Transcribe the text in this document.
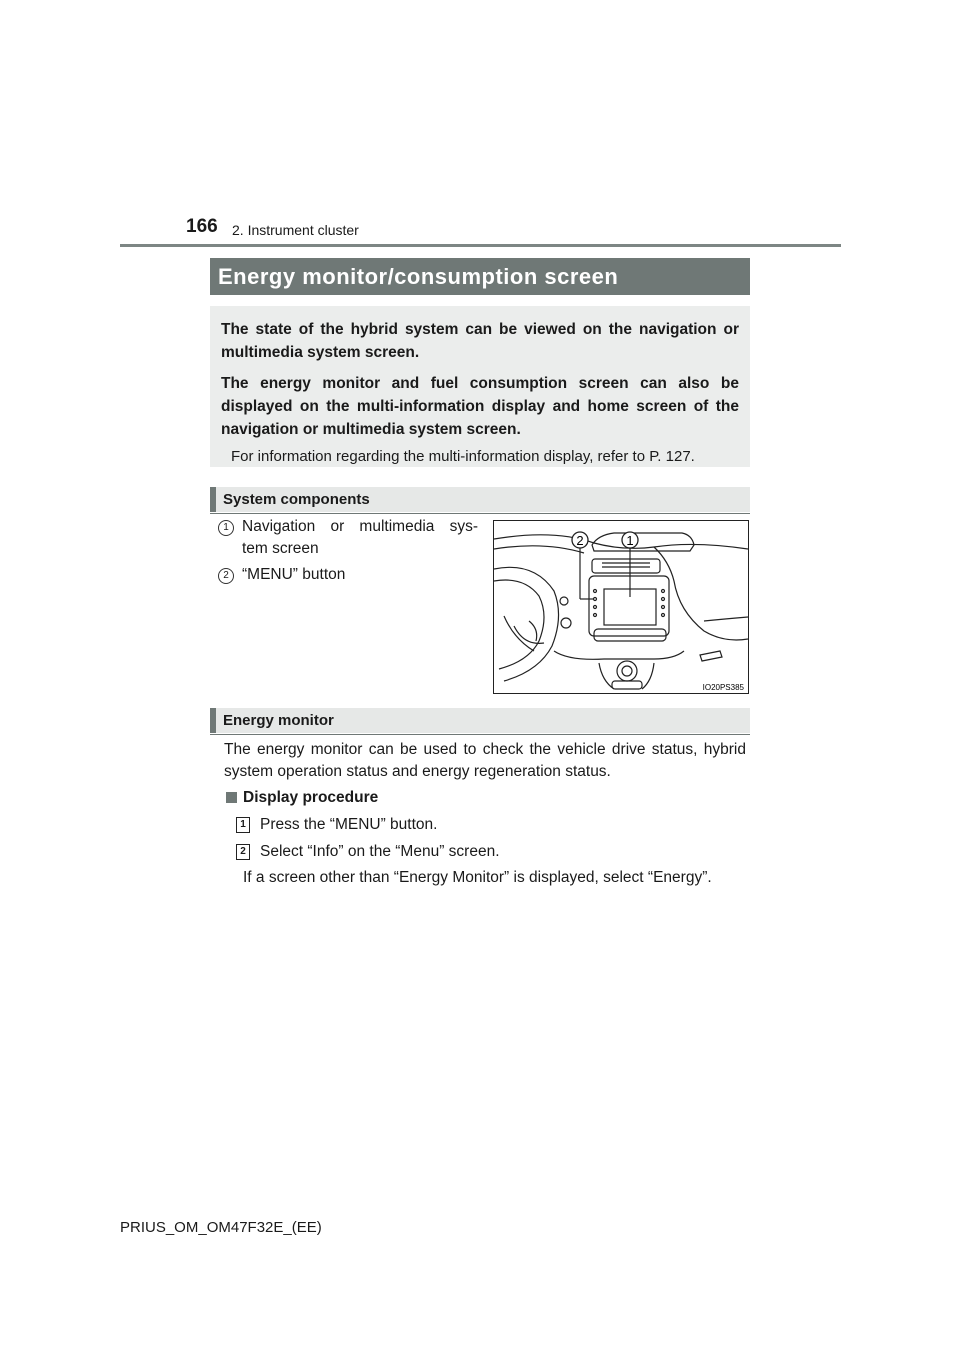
166 2. Instrument cluster
Energy monitor/consumption screen

The state of the hybrid system can be viewed on the navigation or multimedia system screen.

The energy monitor and fuel consumption screen can also be displayed on the multi-information display and home screen of the navigation or multimedia system screen.

For information regarding the multi-information display, refer to P. 127.

System components
1 Navigation or multimedia sys-
tem screen
2 “MENU” button
2	1
IO20PS385
Energy monitor
The energy monitor can be used to check the vehicle drive status, hybrid system operation status and energy regeneration status.
Display procedure
1 Press the “MENU” button.
2 Select “Info” on the “Menu” screen.
If a screen other than “Energy Monitor” is displayed, select “Energy”.
PRIUS_OM_OM47F32E_(EE)
